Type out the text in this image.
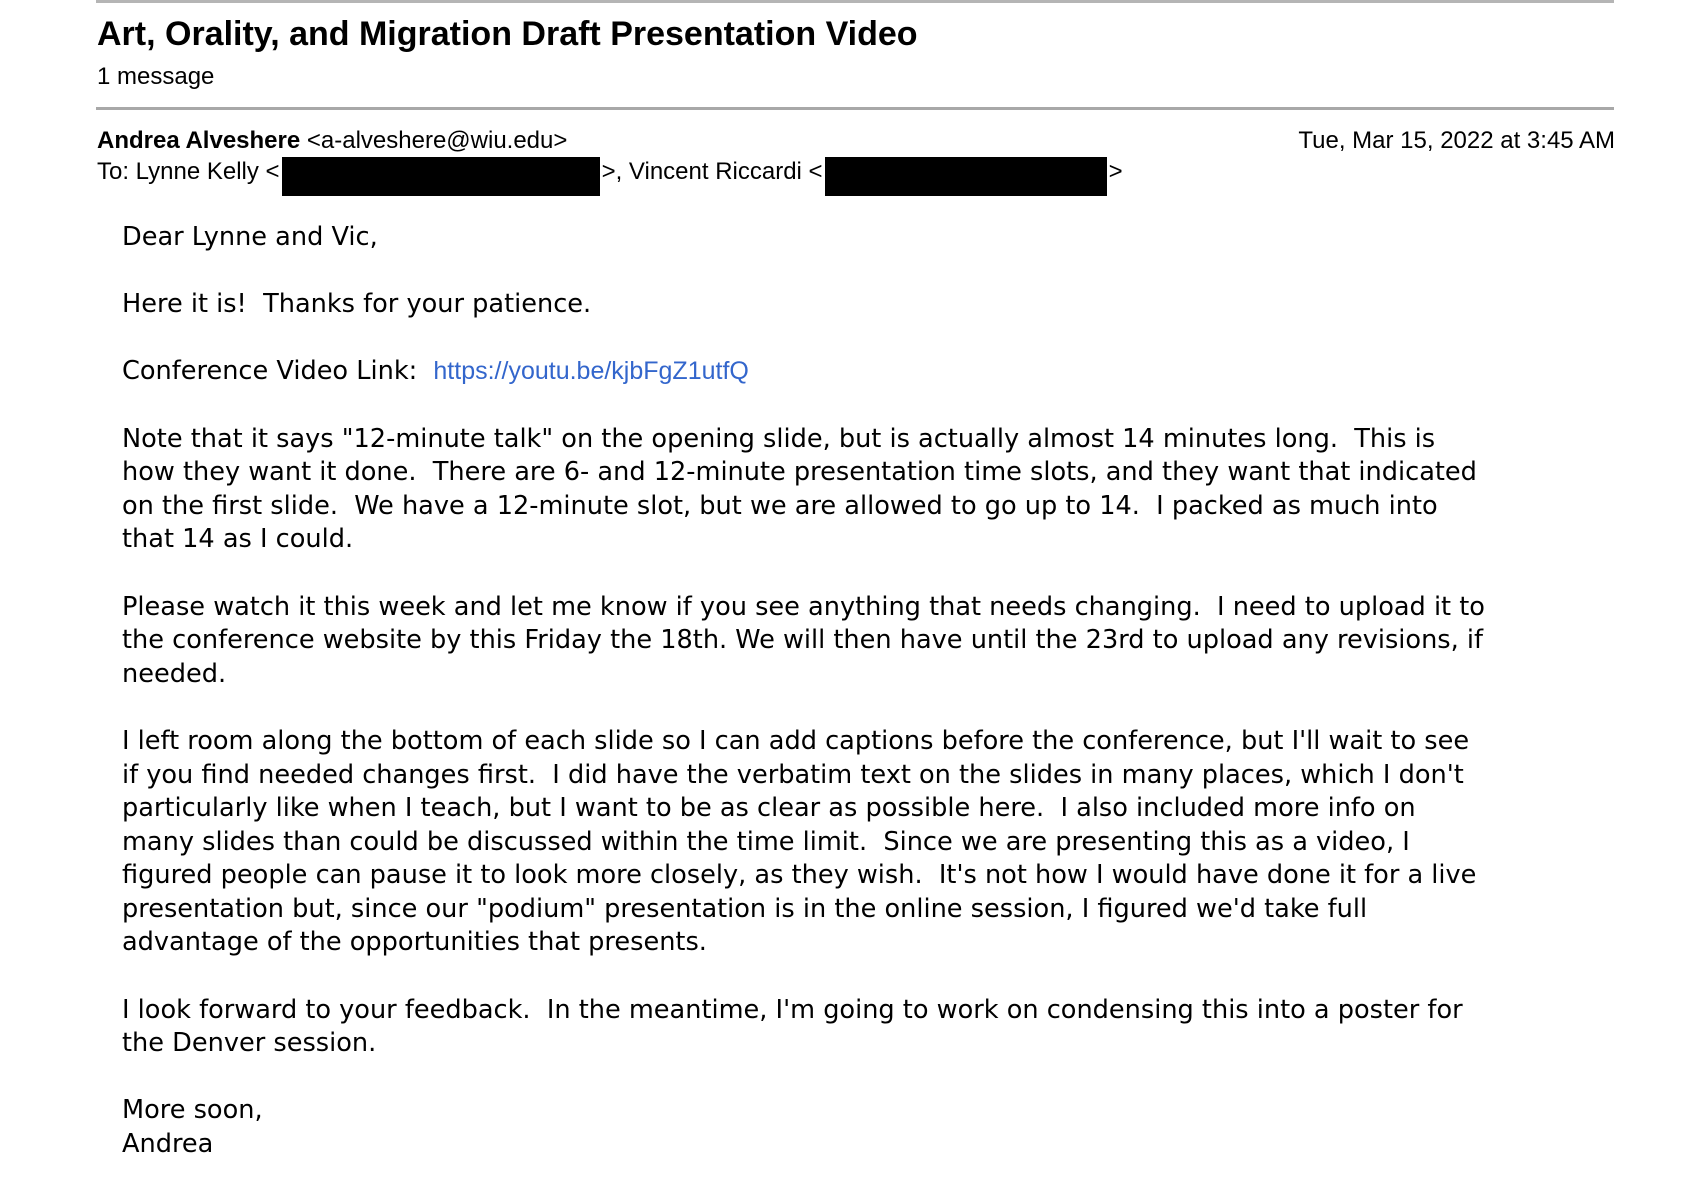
Art, Orality, and Migration Draft Presentation Video
1 message
Andrea Alveshere <a-alveshere@wiu.edu>	Tue, Mar 15, 2022 at 3:45 AM
To: Lynne Kelly <	>, Vincent Riccardi <	>

Dear Lynne and Vic,

Here it is!  Thanks for your patience.

Conference Video Link: https://youtu.be/kjbFgZ1utfQ

Note that it says "12-minute talk" on the opening slide, but is actually almost 14 minutes long.  This is
how they want it done.  There are 6- and 12-minute presentation time slots, and they want that indicated
on the first slide.  We have a 12-minute slot, but we are allowed to go up to 14.  I packed as much into
that 14 as I could.

Please watch it this week and let me know if you see anything that needs changing.  I need to upload it to
the conference website by this Friday the 18th. We will then have until the 23rd to upload any revisions, if
needed.

I left room along the bottom of each slide so I can add captions before the conference, but I'll wait to see
if you find needed changes first.  I did have the verbatim text on the slides in many places, which I don't
particularly like when I teach, but I want to be as clear as possible here.  I also included more info on
many slides than could be discussed within the time limit.  Since we are presenting this as a video, I
figured people can pause it to look more closely, as they wish.  It's not how I would have done it for a live
presentation but, since our "podium" presentation is in the online session, I figured we'd take full
advantage of the opportunities that presents.

I look forward to your feedback.  In the meantime, I'm going to work on condensing this into a poster for
the Denver session.

More soon,
Andrea
